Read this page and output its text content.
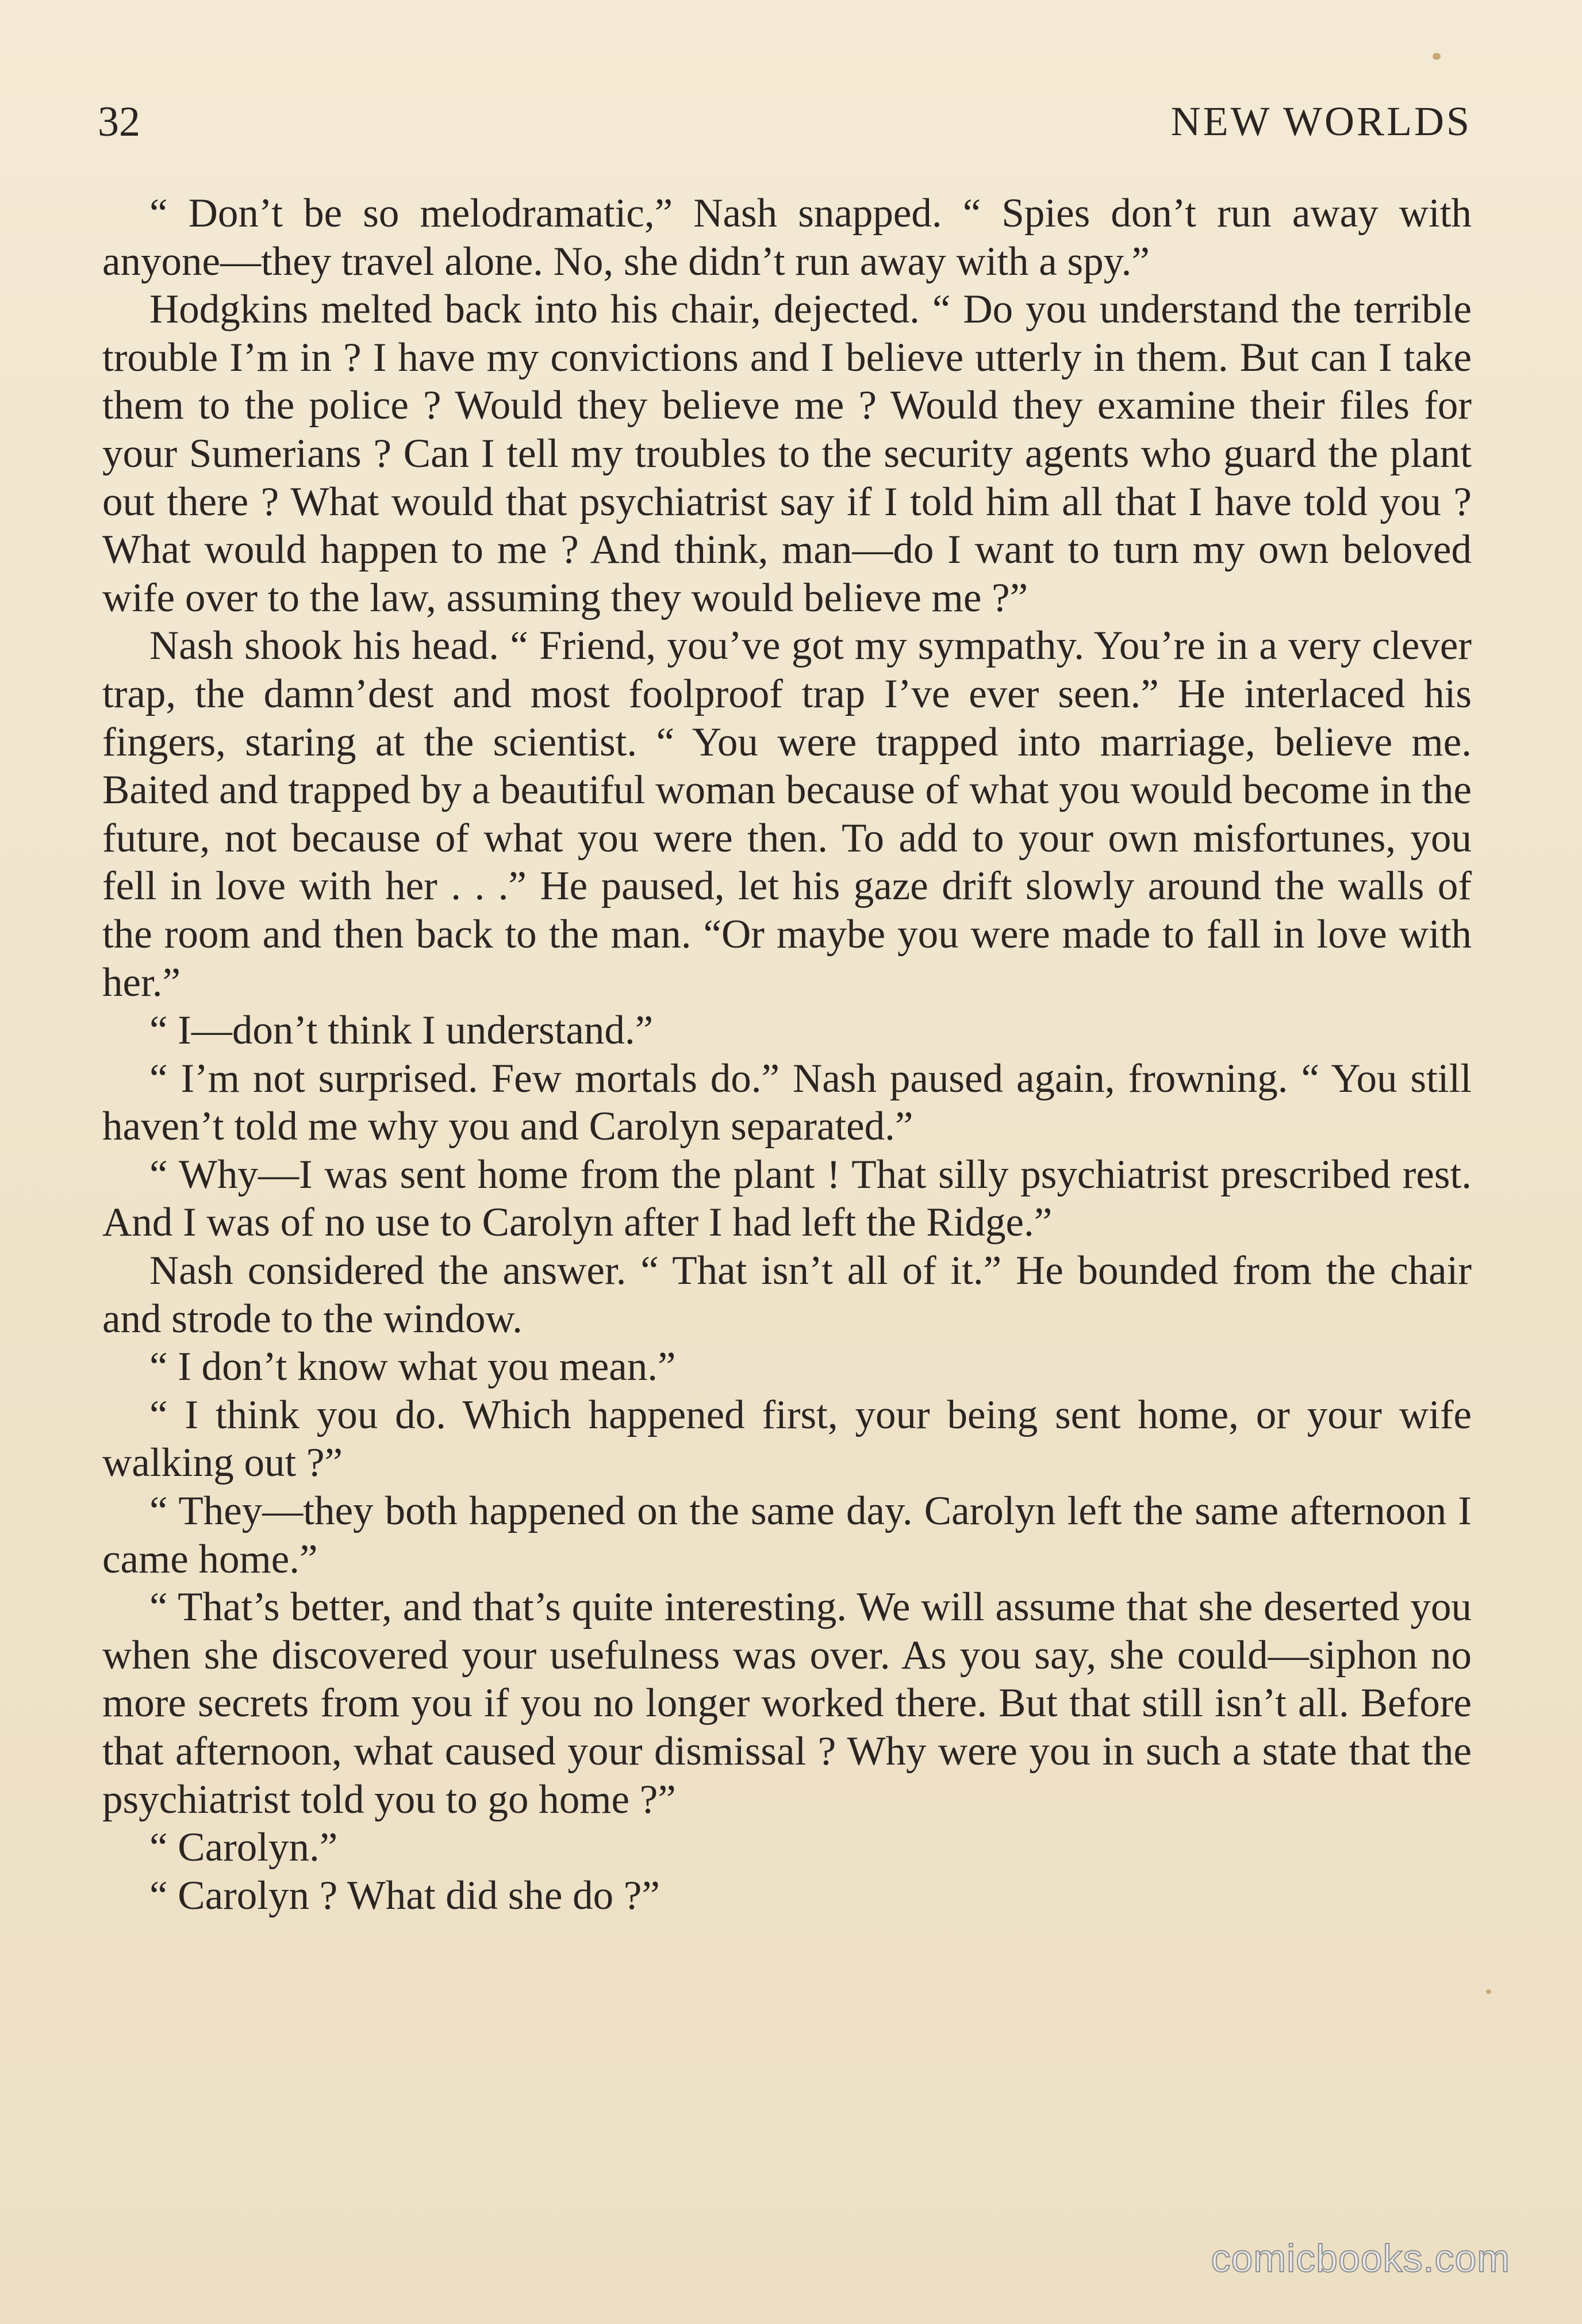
32	NEW WORLDS

“ Don’t be so melodramatic,” Nash snapped. “ Spies don’t run away with anyone—they travel alone. No, she didn’t run away with a spy.”

Hodgkins melted back into his chair, dejected. “ Do you understand the terrible trouble I’m in ? I have my convictions and I believe utterly in them. But can I take them to the police ? Would they believe me ? Would they examine their files for your Sumerians ? Can I tell my troubles to the security agents who guard the plant out there ? What would that psychiatrist say if I told him all that I have told you ? What would happen to me ? And think, man—do I want to turn my own beloved wife over to the law, assuming they would believe me ?”

Nash shook his head. “ Friend, you’ve got my sympathy. You’re in a very clever trap, the damn’dest and most foolproof trap I’ve ever seen.” He interlaced his fingers, staring at the scientist. “ You were trapped into marriage, believe me. Baited and trapped by a beautiful woman because of what you would become in the future, not because of what you were then. To add to your own misfortunes, you fell in love with her . . .” He paused, let his gaze drift slowly around the walls of the room and then back to the man. “Or maybe you were made to fall in love with her.”

“ I—don’t think I understand.”

“ I’m not surprised. Few mortals do.” Nash paused again, frowning. “ You still haven’t told me why you and Carolyn separated.”

“ Why—I was sent home from the plant ! That silly psychiatrist prescribed rest. And I was of no use to Carolyn after I had left the Ridge.”

Nash considered the answer. “ That isn’t all of it.” He bounded from the chair and strode to the window.

“ I don’t know what you mean.”

“ I think you do. Which happened first, your being sent home, or your wife walking out ?”

“ They—they both happened on the same day. Carolyn left the same afternoon I came home.”

“ That’s better, and that’s quite interesting. We will assume that she deserted you when she discovered your usefulness was over. As you say, she could—siphon no more secrets from you if you no longer worked there. But that still isn’t all. Before that afternoon, what caused your dismissal ? Why were you in such a state that the psychiatrist told you to go home ?”

“ Carolyn.”

“ Carolyn ? What did she do ?”

comicbooks.com
